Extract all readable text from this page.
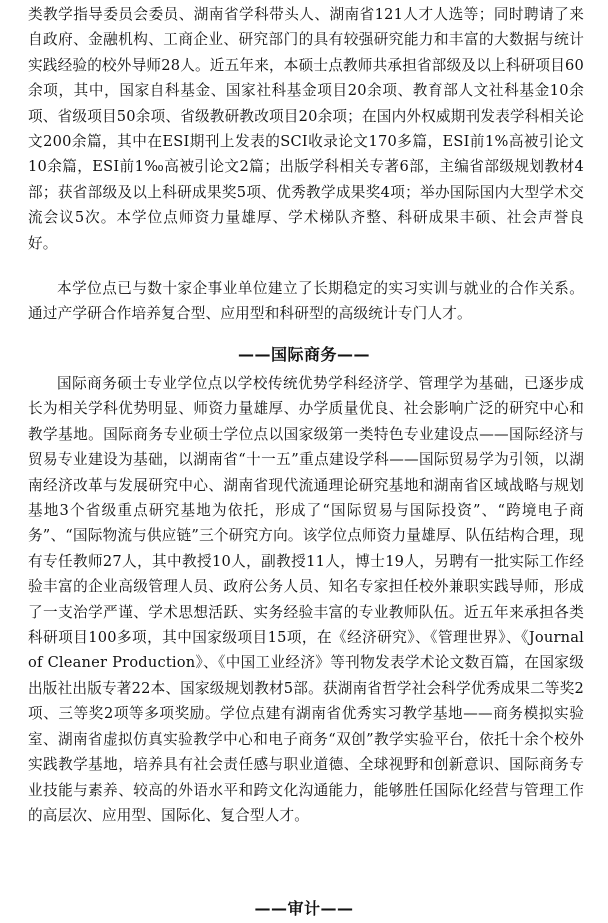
类教学指导委员会委员、湖南省学科带头人、湖南省121人才人选等；同时聘请了来自政府、金融机构、工商企业、研究部门的具有较强研究能力和丰富的大数据与统计实践经验的校外导师28人。近五年来，本硕士点教师共承担省部级及以上科研项目60余项，其中，国家自科基金、国家社科基金项目20余项、教育部人文社科基金10余项、省级项目50余项、省级教研教改项目20余项；在国内外权威期刊发表学科相关论文200余篇，其中在ESI期刊上发表的SCI收录论文170多篇，ESI前1%高被引论文10余篇，ESI前1‰高被引论文2篇；出版学科相关专著6部，主编省部级规划教材4部；获省部级及以上科研成果奖5项、优秀教学成果奖4项；举办国际国内大型学术交流会议5次。本学位点师资力量雄厚、学术梯队齐整、科研成果丰硕、社会声誉良好。

本学位点已与数十家企事业单位建立了长期稳定的实习实训与就业的合作关系。通过产学研合作培养复合型、应用型和科研型的高级统计专门人才。

——国际商务——

国际商务硕士专业学位点以学校传统优势学科经济学、管理学为基础，已逐步成长为相关学科优势明显、师资力量雄厚、办学质量优良、社会影响广泛的研究中心和教学基地。国际商务专业硕士学位点以国家级第一类特色专业建设点——国际经济与贸易专业建设为基础，以湖南省“十一五”重点建设学科——国际贸易学为引领，以湖南经济改革与发展研究中心、湖南省现代流通理论研究基地和湖南省区域战略与规划基地3个省级重点研究基地为依托，形成了“国际贸易与国际投资”、“跨境电子商务”、“国际物流与供应链”三个研究方向。该学位点师资力量雄厚、队伍结构合理，现有专任教师27人，其中教授10人，副教授11人，博士19人，另聘有一批实际工作经验丰富的企业高级管理人员、政府公务人员、知名专家担任校外兼职实践导师，形成了一支治学严谨、学术思想活跃、实务经验丰富的专业教师队伍。近五年来承担各类科研项目100多项，其中国家级项目15项，在《经济研究》、《管理世界》、《Journal of Cleaner Production》、《中国工业经济》等刊物发表学术论文数百篇，在国家级出版社出版专著22本、国家级规划教材5部。获湖南省哲学社会科学优秀成果二等奖2项、三等奖2项等多项奖励。学位点建有湖南省优秀实习教学基地——商务模拟实验室、湖南省虚拟仿真实验教学中心和电子商务“双创”教学实验平台，依托十余个校外实践教学基地，培养具有社会责任感与职业道德、全球视野和创新意识、国际商务专业技能与素养、较高的外语水平和跨文化沟通能力，能够胜任国际化经营与管理工作的高层次、应用型、国际化、复合型人才。

——审计——
